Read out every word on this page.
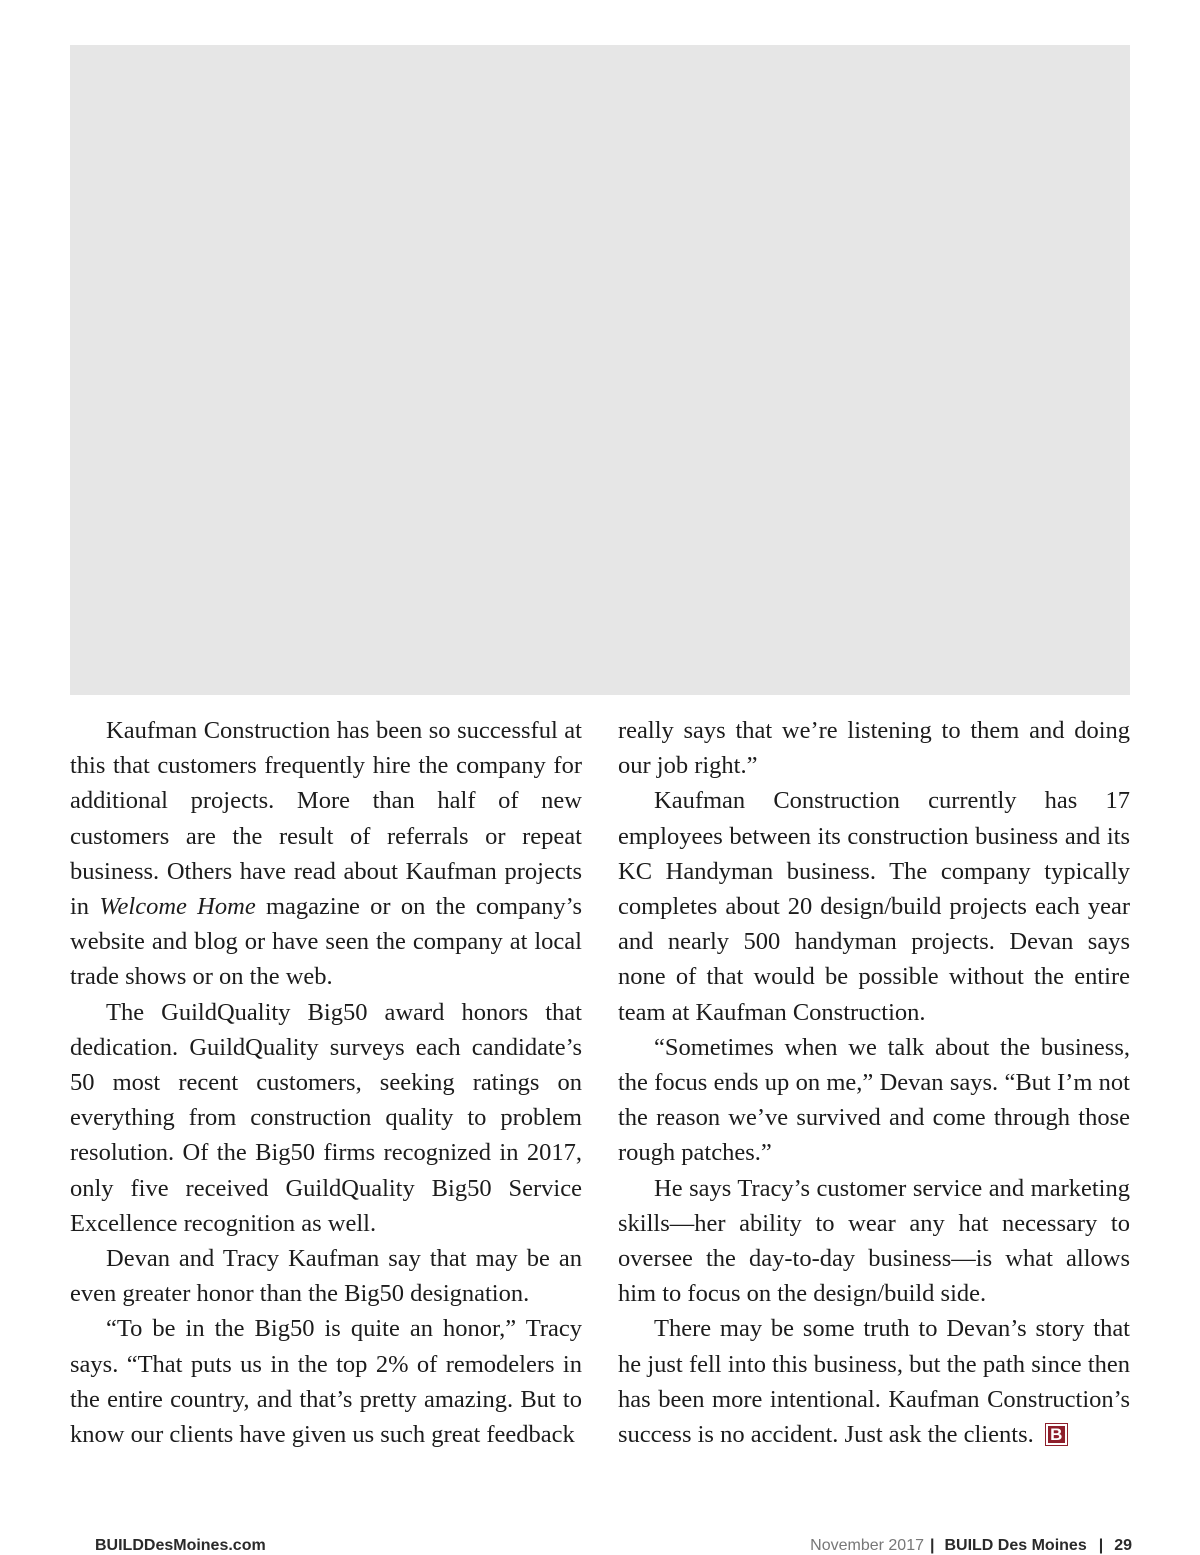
Kaufman Construction has been so successful at this that customers frequently hire the company for additional projects. More than half of new customers are the result of referrals or repeat business. Others have read about Kaufman projects in Welcome Home magazine or on the company’s website and blog or have seen the company at local trade shows or on the web.

The GuildQuality Big50 award honors that dedication. GuildQuality surveys each candidate’s 50 most recent customers, seeking ratings on everything from construction quality to problem resolution. Of the Big50 firms recognized in 2017, only five received GuildQuality Big50 Service Excellence recognition as well.

Devan and Tracy Kaufman say that may be an even greater honor than the Big50 designation.

“To be in the Big50 is quite an honor,” Tracy says. “That puts us in the top 2% of remodelers in the entire country, and that’s pretty amazing. But to know our clients have given us such great feedback

really says that we’re listening to them and doing our job right.”

Kaufman Construction currently has 17 employees between its construction business and its KC Handyman business. The company typically completes about 20 design/build projects each year and nearly 500 handyman projects. Devan says none of that would be possible without the entire team at Kaufman Construction.

“Sometimes when we talk about the business, the focus ends up on me,” Devan says. “But I’m not the reason we’ve survived and come through those rough patches.”

He says Tracy’s customer service and marketing skills—her ability to wear any hat necessary to oversee the day-to-day business—is what allows him to focus on the design/build side.

There may be some truth to Devan’s story that he just fell into this business, but the path since then has been more intentional. Kaufman Construction’s success is no accident. Just ask the clients. B

BUILDDesMoines.com	November 2017 | BUILD Des Moines | 29
